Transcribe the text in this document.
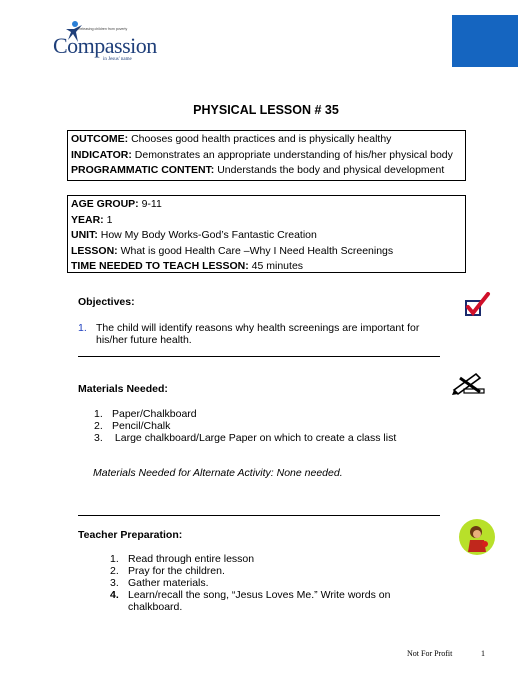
Releasing children from poverty
Compassion
in Jesus' name
PHYSICAL LESSON # 35
OUTCOME: Chooses good health practices and is physically healthy
INDICATOR: Demonstrates an appropriate understanding of his/her physical body
PROGRAMMATIC CONTENT: Understands the body and physical development
AGE GROUP: 9-11
YEAR: 1
UNIT: How My Body Works-God’s Fantastic Creation
LESSON: What is good Health Care –Why I Need Health Screenings
TIME NEEDED TO TEACH LESSON: 45 minutes
Objectives:
1. The child will identify reasons why health screenings are important for
his/her future health.
Materials Needed:
1. Paper/Chalkboard
2. Pencil/Chalk
3. Large chalkboard/Large Paper on which to create a class list
Materials Needed for Alternate Activity: None needed.
Teacher Preparation:
1. Read through entire lesson
2. Pray for the children.
3. Gather materials.
4. Learn/recall the song, “Jesus Loves Me.” Write words on
chalkboard.
Not For Profit	1
